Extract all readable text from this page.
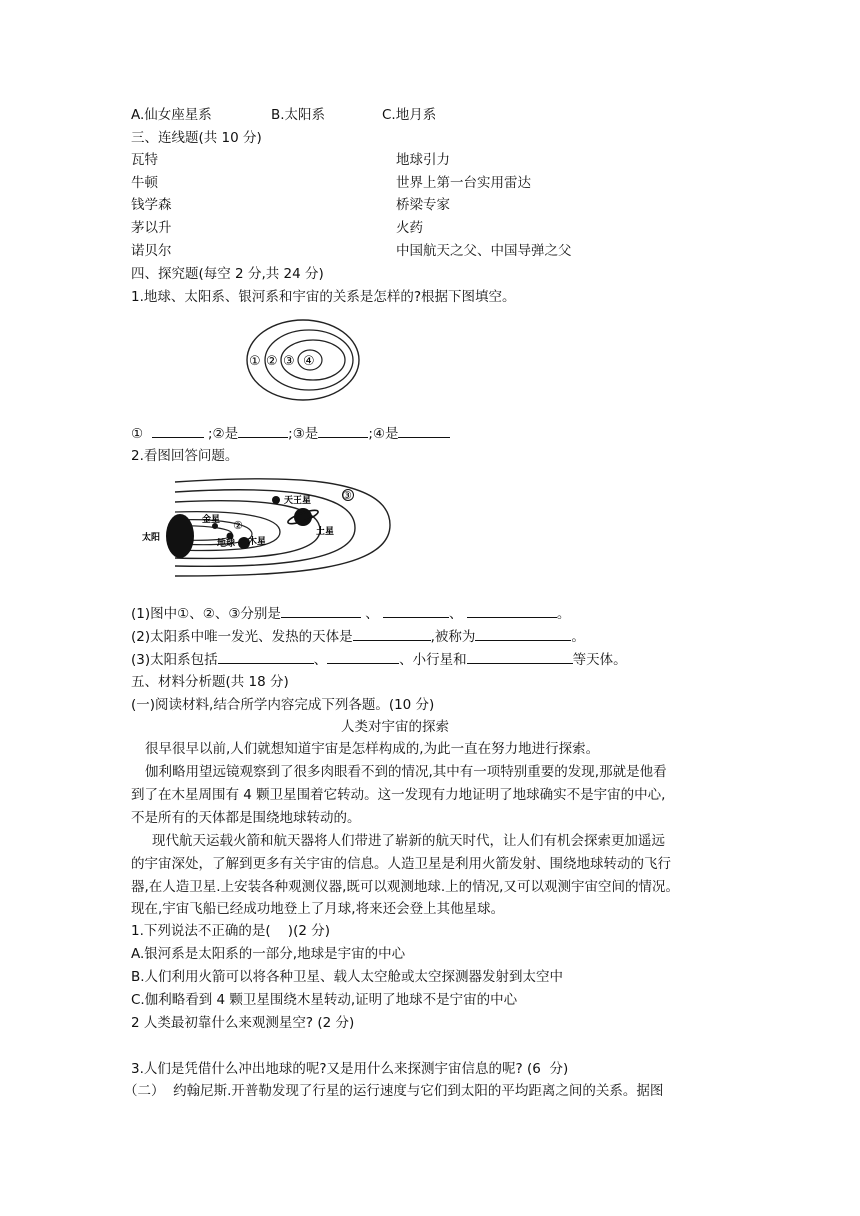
A.仙女座星系	B.太阳系	C.地月系
三、连线题(共 10 分)
瓦特	地球引力
牛顿	世界上第一台实用雷达
钱学森	桥梁专家
茅以升	火药
诺贝尔	中国航天之父、中国导弹之父
四、探究题(每空 2 分,共 24 分)
1.地球、太阳系、银河系和宇宙的关系是怎样的?根据下图填空。
① ② ③ ④
①	;②是	;③是	;④是
2.看图回答问题。
太阳
金星
地球 木星
土星
天王星
②
③
(1)图中①、②、③分别是	、	、	。
(2)太阳系中唯一发光、发热的天体是	,被称为	。
(3)太阳系包括	、	、小行星和	等天体。
五、材料分析题(共 18 分)
(一)阅读材料,结合所学内容完成下列各题。(10 分)
人类对宇宙的探索
很早很早以前,人们就想知道宇宙是怎样构成的,为此一直在努力地进行探索。
伽利略用望远镜观察到了很多肉眼看不到的情况,其中有一项特别重要的发现,那就是他看
到了在木星周围有 4 颗卫星围着它转动。这一发现有力地证明了地球确实不是宇宙的中心,
不是所有的天体都是围绕地球转动的。
现代航天运载火箭和航天器将人们带进了崭新的航天时代，让人们有机会探索更加遥远
的宇宙深处，了解到更多有关宇宙的信息。人造卫星是利用火箭发射、围绕地球转动的飞行
器,在人造卫星.上安装各种观测仪器,既可以观测地球.上的情况,又可以观测宇宙空间的情况。
现在,宇宙飞船已经成功地登上了月球,将来还会登上其他星球。
1.下列说法不正确的是(    )(2 分)
A.银河系是太阳系的一部分,地球是宇宙的中心
B.人们利用火箭可以将各种卫星、载人太空舱或太空探测器发射到太空中
C.伽利略看到 4 颗卫星围绕木星转动,证明了地球不是宁宙的中心
2 人类最初靠什么来观测星空? (2 分)
3.人们是凭借什么冲出地球的呢?又是用什么来探测宇宙信息的呢? (6  分)
（二）  约翰尼斯.开普勒发现了行星的运行速度与它们到太阳的平均距离之间的关系。据图
